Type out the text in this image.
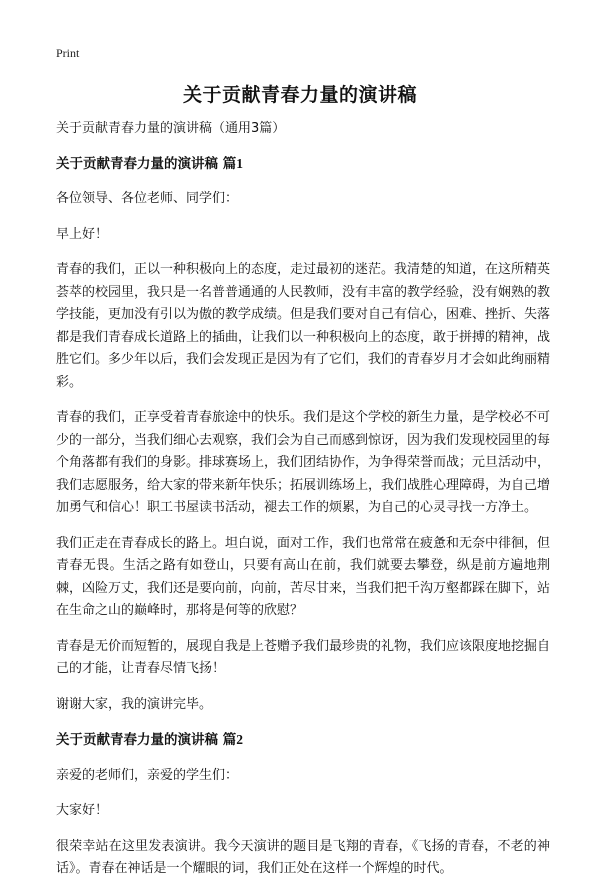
Print
关于贡献青春力量的演讲稿

关于贡献青春力量的演讲稿（通用3篇）

关于贡献青春力量的演讲稿 篇1

各位领导、各位老师、同学们：

早上好！

青春的我们，正以一种积极向上的态度，走过最初的迷茫。我清楚的知道，在这所精英荟萃的校园里，我只是一名普普通通的人民教师，没有丰富的教学经验，没有娴熟的教学技能，更加没有引以为傲的教学成绩。但是我们要对自己有信心，困难、挫折、失落都是我们青春成长道路上的插曲，让我们以一种积极向上的态度，敢于拼搏的精神，战胜它们。多少年以后，我们会发现正是因为有了它们，我们的青春岁月才会如此绚丽精彩。

青春的我们，正享受着青春旅途中的快乐。我们是这个学校的新生力量，是学校必不可少的一部分，当我们细心去观察，我们会为自己而感到惊讶，因为我们发现校园里的每个角落都有我们的身影。排球赛场上，我们团结协作，为争得荣誉而战；元旦活动中，我们志愿服务，给大家的带来新年快乐；拓展训练场上，我们战胜心理障碍，为自己增加勇气和信心！职工书屋读书活动，褪去工作的烦累，为自己的心灵寻找一方净土。

我们正走在青春成长的路上。坦白说，面对工作，我们也常常在疲惫和无奈中徘徊，但青春无畏。生活之路有如登山，只要有高山在前，我们就要去攀登，纵是前方遍地荆棘，凶险万丈，我们还是要向前，向前，苦尽甘来，当我们把千沟万壑都踩在脚下，站在生命之山的巅峰时，那将是何等的欣慰？

青春是无价而短暂的，展现自我是上苍赠予我们最珍贵的礼物，我们应该限度地挖掘自己的才能，让青春尽情飞扬！

谢谢大家，我的演讲完毕。

关于贡献青春力量的演讲稿 篇2

亲爱的老师们，亲爱的学生们：

大家好！

很荣幸站在这里发表演讲。我今天演讲的题目是飞翔的青春，《飞扬的青春，不老的神话》。青春在神话是一个耀眼的词，我们正处在这样一个辉煌的时代。
